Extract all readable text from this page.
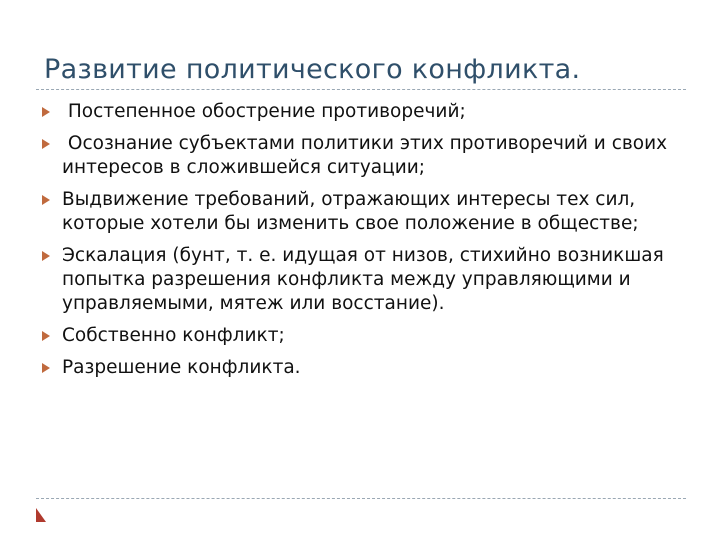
Развитие политического конфликта.
Постепенное обострение противоречий;
Осознание субъектами политики этих противоречий и своих интересов в сложившейся ситуации;
Выдвижение требований, отражающих интересы тех сил, которые хотели бы изменить свое положение в обществе;
Эскалация (бунт, т. е. идущая от низов, стихийно возникшая попытка разрешения конфликта между управляющими и управляемыми, мятеж или восстание).
Собственно конфликт;
Разрешение конфликта.
